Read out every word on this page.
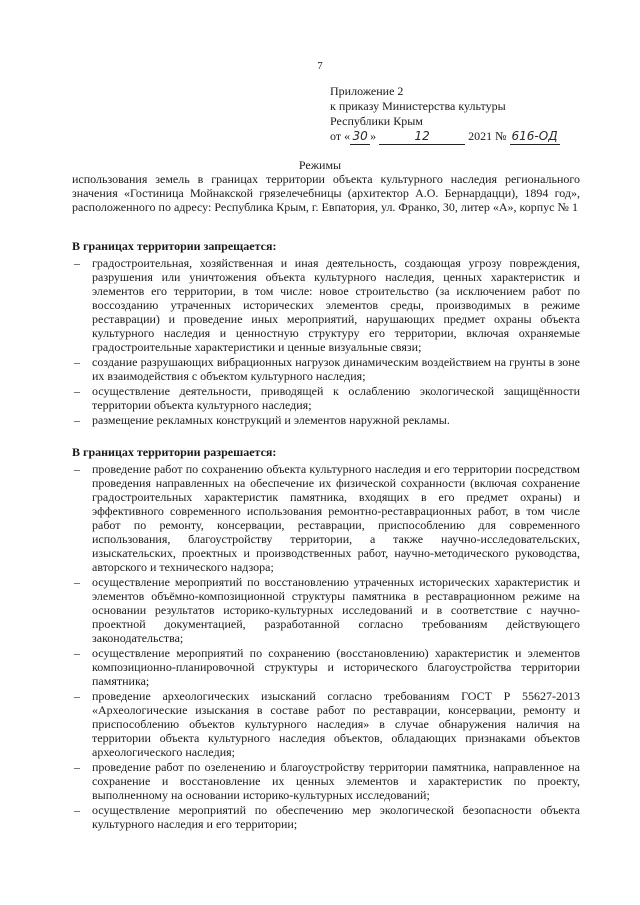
7
Приложение 2
к приказу Министерства культуры
Республики Крым
от « 30 »	12	2021 № 616-ОД
Режимы
использования земель в границах территории объекта культурного наследия регионального значения «Гостиница Мойнакской грязелечебницы (архитектор А.О. Бернардацци), 1894 год», расположенного по адресу: Республика Крым, г. Евпатория, ул. Франко, 30, литер «А», корпус № 1
В границах территории запрещается:
– градостроительная, хозяйственная и иная деятельность, создающая угрозу повреждения, разрушения или уничтожения объекта культурного наследия, ценных характеристик и элементов его территории, в том числе: новое строительство (за исключением работ по воссозданию утраченных исторических элементов среды, производимых в режиме реставрации) и проведение иных мероприятий, нарушающих предмет охраны объекта культурного наследия и ценностную структуру его территории, включая охраняемые градостроительные характеристики и ценные визуальные связи;
– создание разрушающих вибрационных нагрузок динамическим воздействием на грунты в зоне их взаимодействия с объектом культурного наследия;
– осуществление деятельности, приводящей к ослаблению экологической защищённости территории объекта культурного наследия;
– размещение рекламных конструкций и элементов наружной рекламы.
В границах территории разрешается:
– проведение работ по сохранению объекта культурного наследия и его территории посредством проведения направленных на обеспечение их физической сохранности (включая сохранение градостроительных характеристик памятника, входящих в его предмет охраны) и эффективного современного использования ремонтно-реставрационных работ, в том числе работ по ремонту, консервации, реставрации, приспособлению для современного использования, благоустройству территории, а также научно-исследовательских, изыскательских, проектных и производственных работ, научно-методического руководства, авторского и технического надзора;
– осуществление мероприятий по восстановлению утраченных исторических характеристик и элементов объёмно-композиционной структуры памятника в реставрационном режиме на основании результатов историко-культурных исследований и в соответствие с научно-проектной документацией, разработанной согласно требованиям действующего законодательства;
– осуществление мероприятий по сохранению (восстановлению) характеристик и элементов композиционно-планировочной структуры и исторического благоустройства территории памятника;
– проведение археологических изысканий согласно требованиям ГОСТ Р 55627-2013 «Археологические изыскания в составе работ по реставрации, консервации, ремонту и приспособлению объектов культурного наследия» в случае обнаружения наличия на территории объекта культурного наследия объектов, обладающих признаками объектов археологического наследия;
– проведение работ по озеленению и благоустройству территории памятника, направленное на сохранение и восстановление их ценных элементов и характеристик по проекту, выполненному на основании историко-культурных исследований;
– осуществление мероприятий по обеспечению мер экологической безопасности объекта культурного наследия и его территории;
